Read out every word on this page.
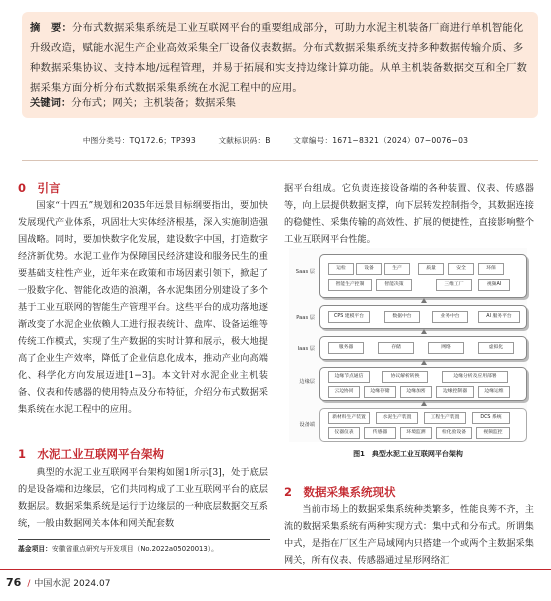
摘　要：分布式数据采集系统是工业互联网平台的重要组成部分，可助力水泥主机装备厂商进行单机智能化升级改造，赋能水泥生产企业高效采集全厂设备仪表数据。分布式数据采集系统支持多种数据传输介质、多种数据采集协议、支持本地/远程管理，并易于拓展和实支持边缘计算功能。从单主机装备数据交互和全厂数据采集方面分析分布式数据采集系统在水泥工程中的应用。
关键词：分布式；网关；主机装备；数据采集
中图分类号：TQ172.6；TP393	文献标识码：B	文章编号：1671−8321（2024）07−0076−03
0　引言

国家“十四五”规划和2035年远景目标纲要指出，要加快发展现代产业体系，巩固壮大实体经济根基，深入实施制造强国战略。同时，要加快数字化发展，建设数字中国，打造数字经济新优势。水泥工业作为保障国民经济建设和服务民生的重要基础支柱性产业，近年来在政策和市场因素引领下，掀起了一股数字化、智能化改造的浪潮，各水泥集团分别建设了多个基于工业互联网的智能生产管理平台。这些平台的成功落地逐渐改变了水泥企业依赖人工进行报表统计、盘库、设备运维等传统工作模式，实现了生产数据的实时计算和展示，极大地提高了企业生产效率，降低了企业信息化成本，推动产业向高端化、科学化方向发展迈进[1−3]。本文针对水泥企业主机装备、仪表和传感器的使用特点及分布特征，介绍分布式数据采集系统在水泥工程中的应用。

1　水泥工业互联网平台架构

典型的水泥工业互联网平台架构如图1所示[3]，处于底层的是设备端和边缘层，它们共同构成了工业互联网平台的底层数据层。数据采集系统是运行于边缘层的一种底层数据交互系统，一般由数据网关本体和网关配套数

基金项目：安徽省重点研究与开发项目（No.2022a05020013）。

据平台组成。它负责连接设备端的各种装置、仪表、传感器等，向上层提供数据支撑，向下层转发控制指令，其数据连接的稳健性、采集传输的高效性、扩展的便捷性，直接影响整个工业互联网平台性能。

Saas 层
运检	设备	生产	质量	安全	环保
智能生产控制	智能决策	三维工厂	视频AI
Paas 层	CPS 建模平台	数据中台	业务中台	AI 服务平台
Iaas 层	服务器	存储	网络	虚拟化
边缘层
边缘节点通信	协议解析转换	边缘分析及应用部署
云边协同	边缘存储	边缘加密	边缘控制器	边缘运维
设备端
新材料生产装置	水泥生产装置	工程生产装置	DCS 系统
仪器仪表	传感器	环境监测	检化验设备	视频监控
图1　典型水泥工业互联网平台架构
2　数据采集系统现状

当前市场上的数据采集系统种类繁多，性能良莠不齐，主流的数据采集系统有两种实现方式：集中式和分布式。所谓集中式，是指在厂区生产局域网内只搭建一个或两个主数据采集网关，所有仪表、传感器通过星形网络汇

76 / 中国水泥 2024.07
